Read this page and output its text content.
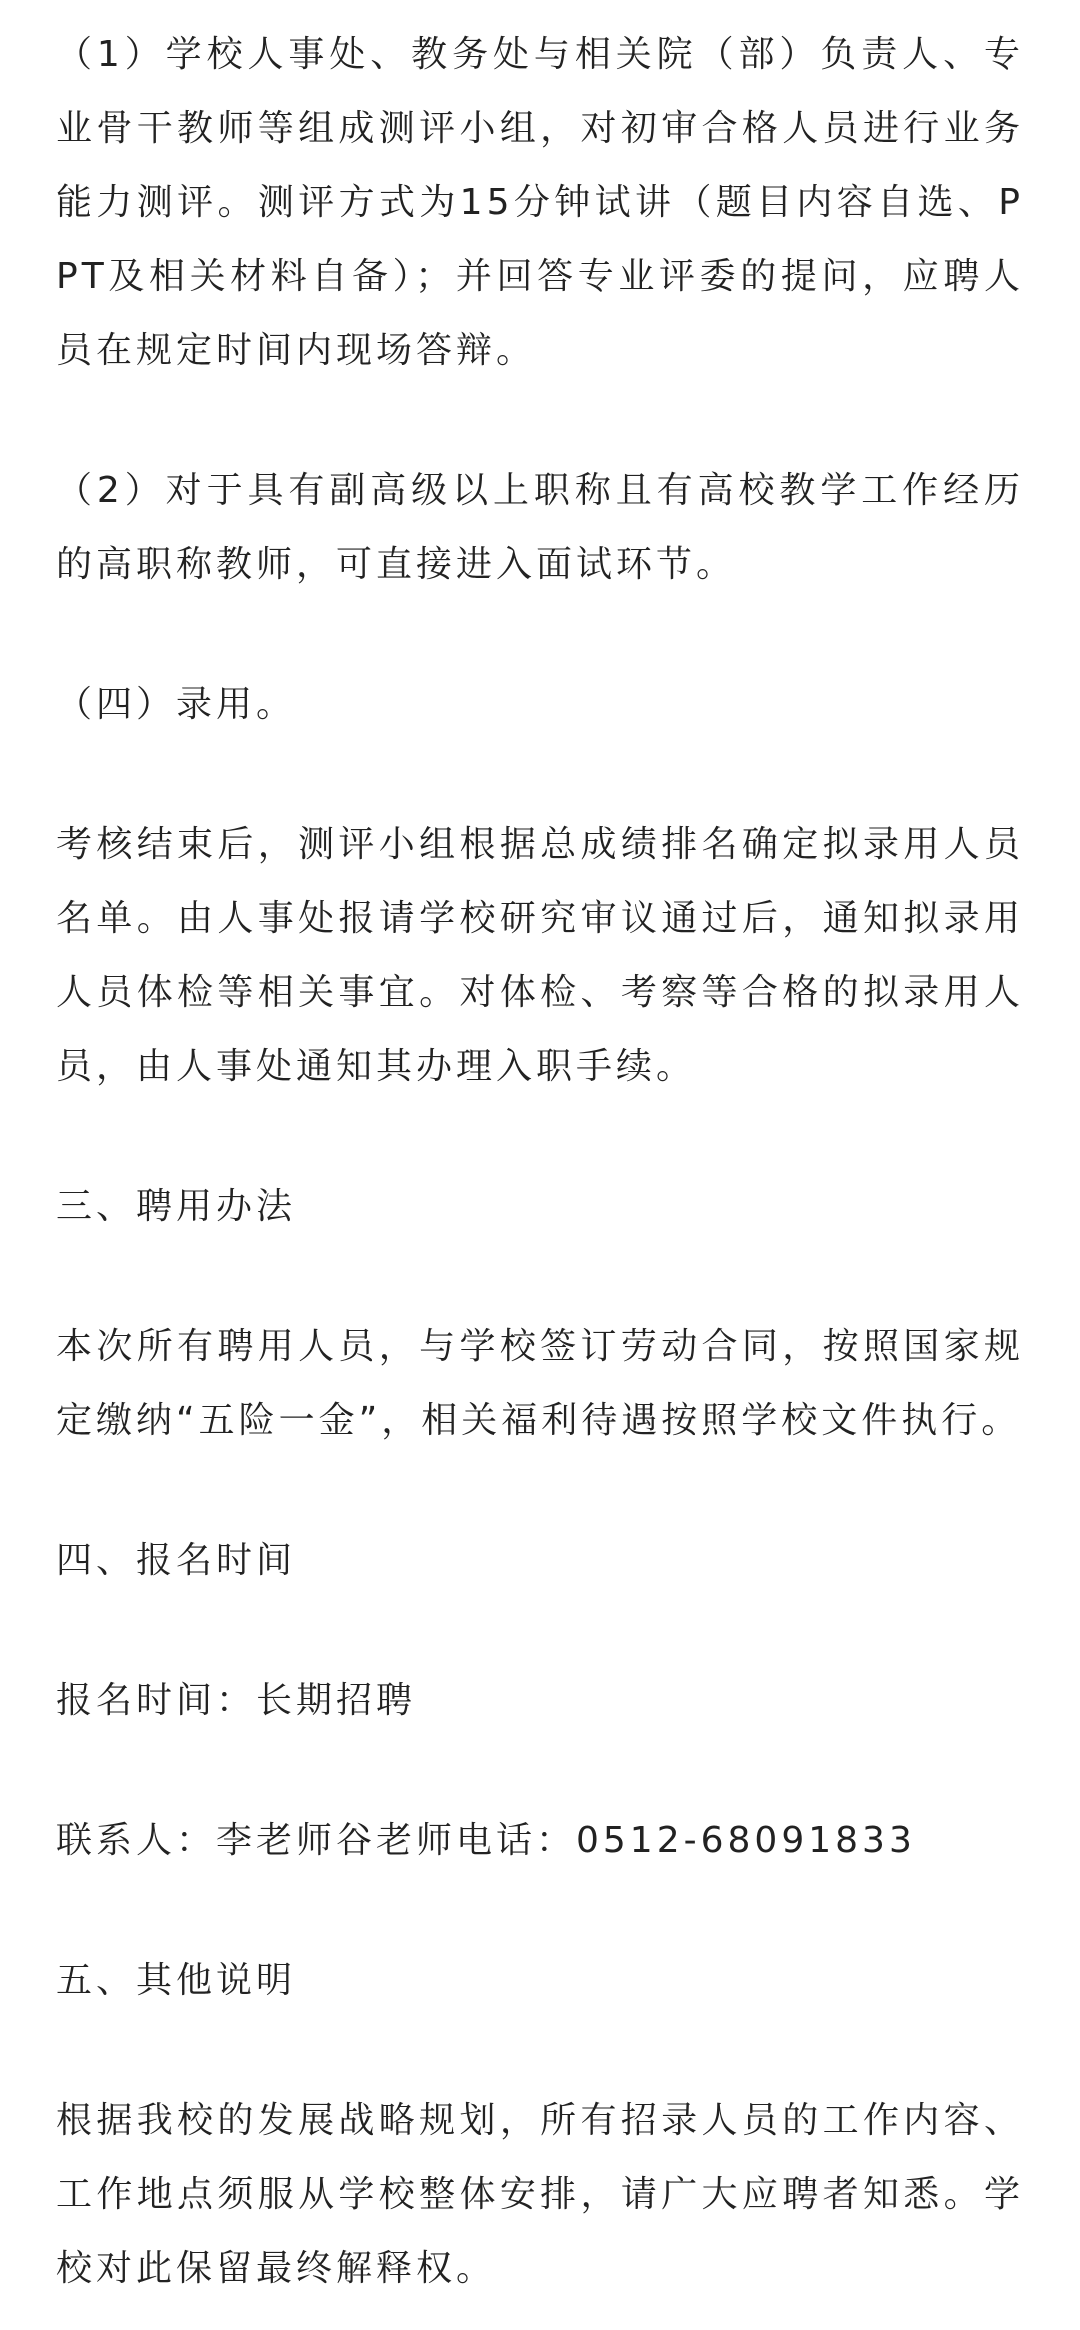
（1）学校人事处、教务处与相关院（部）负责人、专业骨干教师等组成测评小组，对初审合格人员进行业务能力测评。测评方式为15分钟试讲（题目内容自选、PPT及相关材料自备）；并回答专业评委的提问，应聘人员在规定时间内现场答辩。

（2）对于具有副高级以上职称且有高校教学工作经历的高职称教师，可直接进入面试环节。

（四）录用。

考核结束后，测评小组根据总成绩排名确定拟录用人员名单。由人事处报请学校研究审议通过后，通知拟录用人员体检等相关事宜。对体检、考察等合格的拟录用人员，由人事处通知其办理入职手续。

三、聘用办法

本次所有聘用人员，与学校签订劳动合同，按照国家规定缴纳“五险一金”，相关福利待遇按照学校文件执行。

四、报名时间

报名时间：长期招聘

联系人：李老师谷老师电话：0512-68091833

五、其他说明

根据我校的发展战略规划，所有招录人员的工作内容、工作地点须服从学校整体安排，请广大应聘者知悉。学校对此保留最终解释权。
